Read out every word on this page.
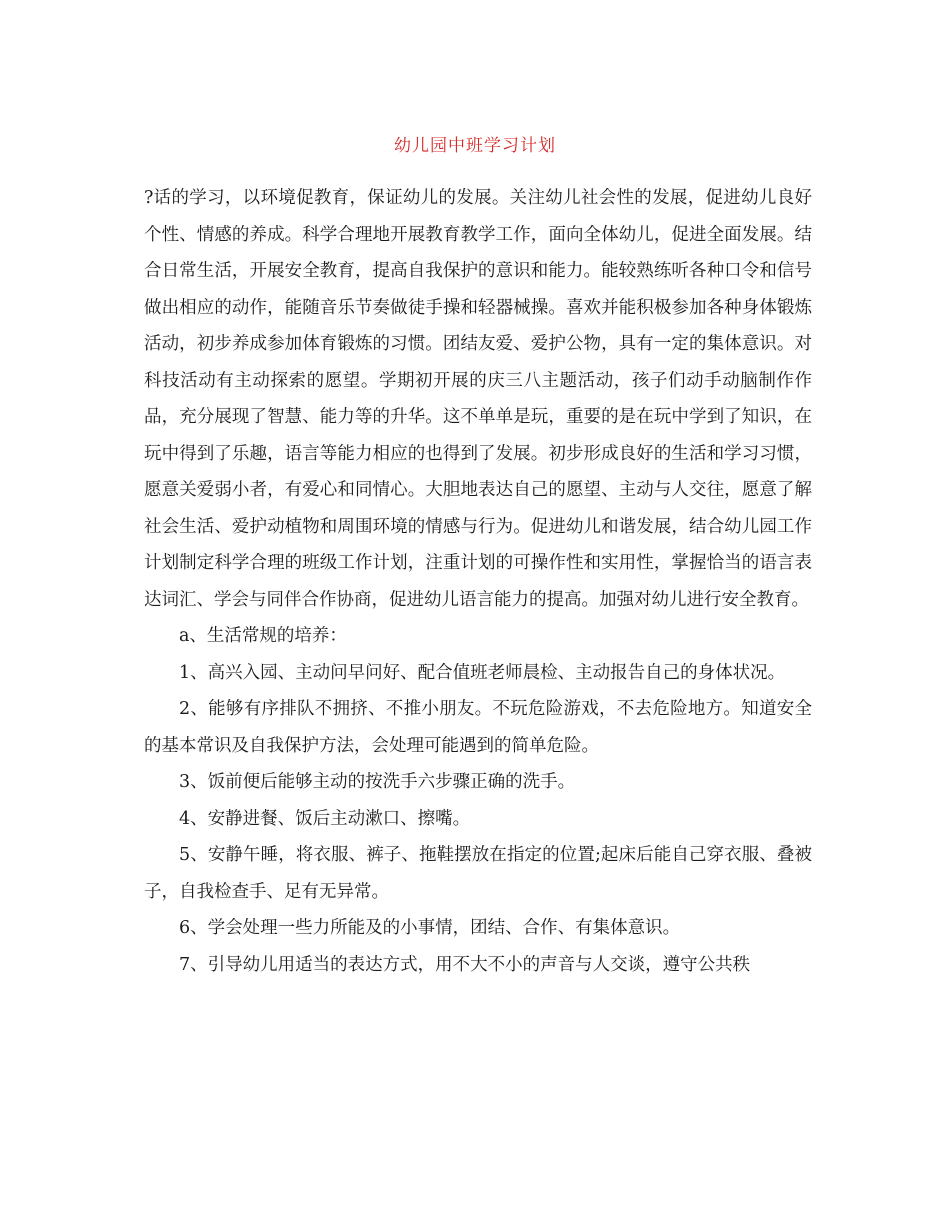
幼儿园中班学习计划

?话的学习，以环境促教育，保证幼儿的发展。关注幼儿社会性的发展，促进幼儿良好个性、情感的养成。科学合理地开展教育教学工作，面向全体幼儿，促进全面发展。结合日常生活，开展安全教育，提高自我保护的意识和能力。能较熟练听各种口令和信号做出相应的动作，能随音乐节奏做徒手操和轻器械操。喜欢并能积极参加各种身体锻炼活动，初步养成参加体育锻炼的习惯。团结友爱、爱护公物，具有一定的集体意识。对科技活动有主动探索的愿望。学期初开展的庆三八主题活动，孩子们动手动脑制作作品，充分展现了智慧、能力等的升华。这不单单是玩，重要的是在玩中学到了知识，在玩中得到了乐趣，语言等能力相应的也得到了发展。初步形成良好的生活和学习习惯，愿意关爱弱小者，有爱心和同情心。大胆地表达自己的愿望、主动与人交往，愿意了解社会生活、爱护动植物和周围环境的情感与行为。促进幼儿和谐发展，结合幼儿园工作计划制定科学合理的班级工作计划，注重计划的可操作性和实用性，掌握恰当的语言表达词汇、学会与同伴合作协商，促进幼儿语言能力的提高。加强对幼儿进行安全教育。

a、生活常规的培养：

1、高兴入园、主动问早问好、配合值班老师晨检、主动报告自己的身体状况。

2、能够有序排队不拥挤、不推小朋友。不玩危险游戏，不去危险地方。知道安全的基本常识及自我保护方法，会处理可能遇到的简单危险。

3、饭前便后能够主动的按洗手六步骤正确的洗手。

4、安静进餐、饭后主动漱口、擦嘴。

5、安静午睡，将衣服、裤子、拖鞋摆放在指定的位置;起床后能自己穿衣服、叠被子，自我检查手、足有无异常。

6、学会处理一些力所能及的小事情，团结、合作、有集体意识。

7、引导幼儿用适当的表达方式，用不大不小的声音与人交谈，遵守公共秩
